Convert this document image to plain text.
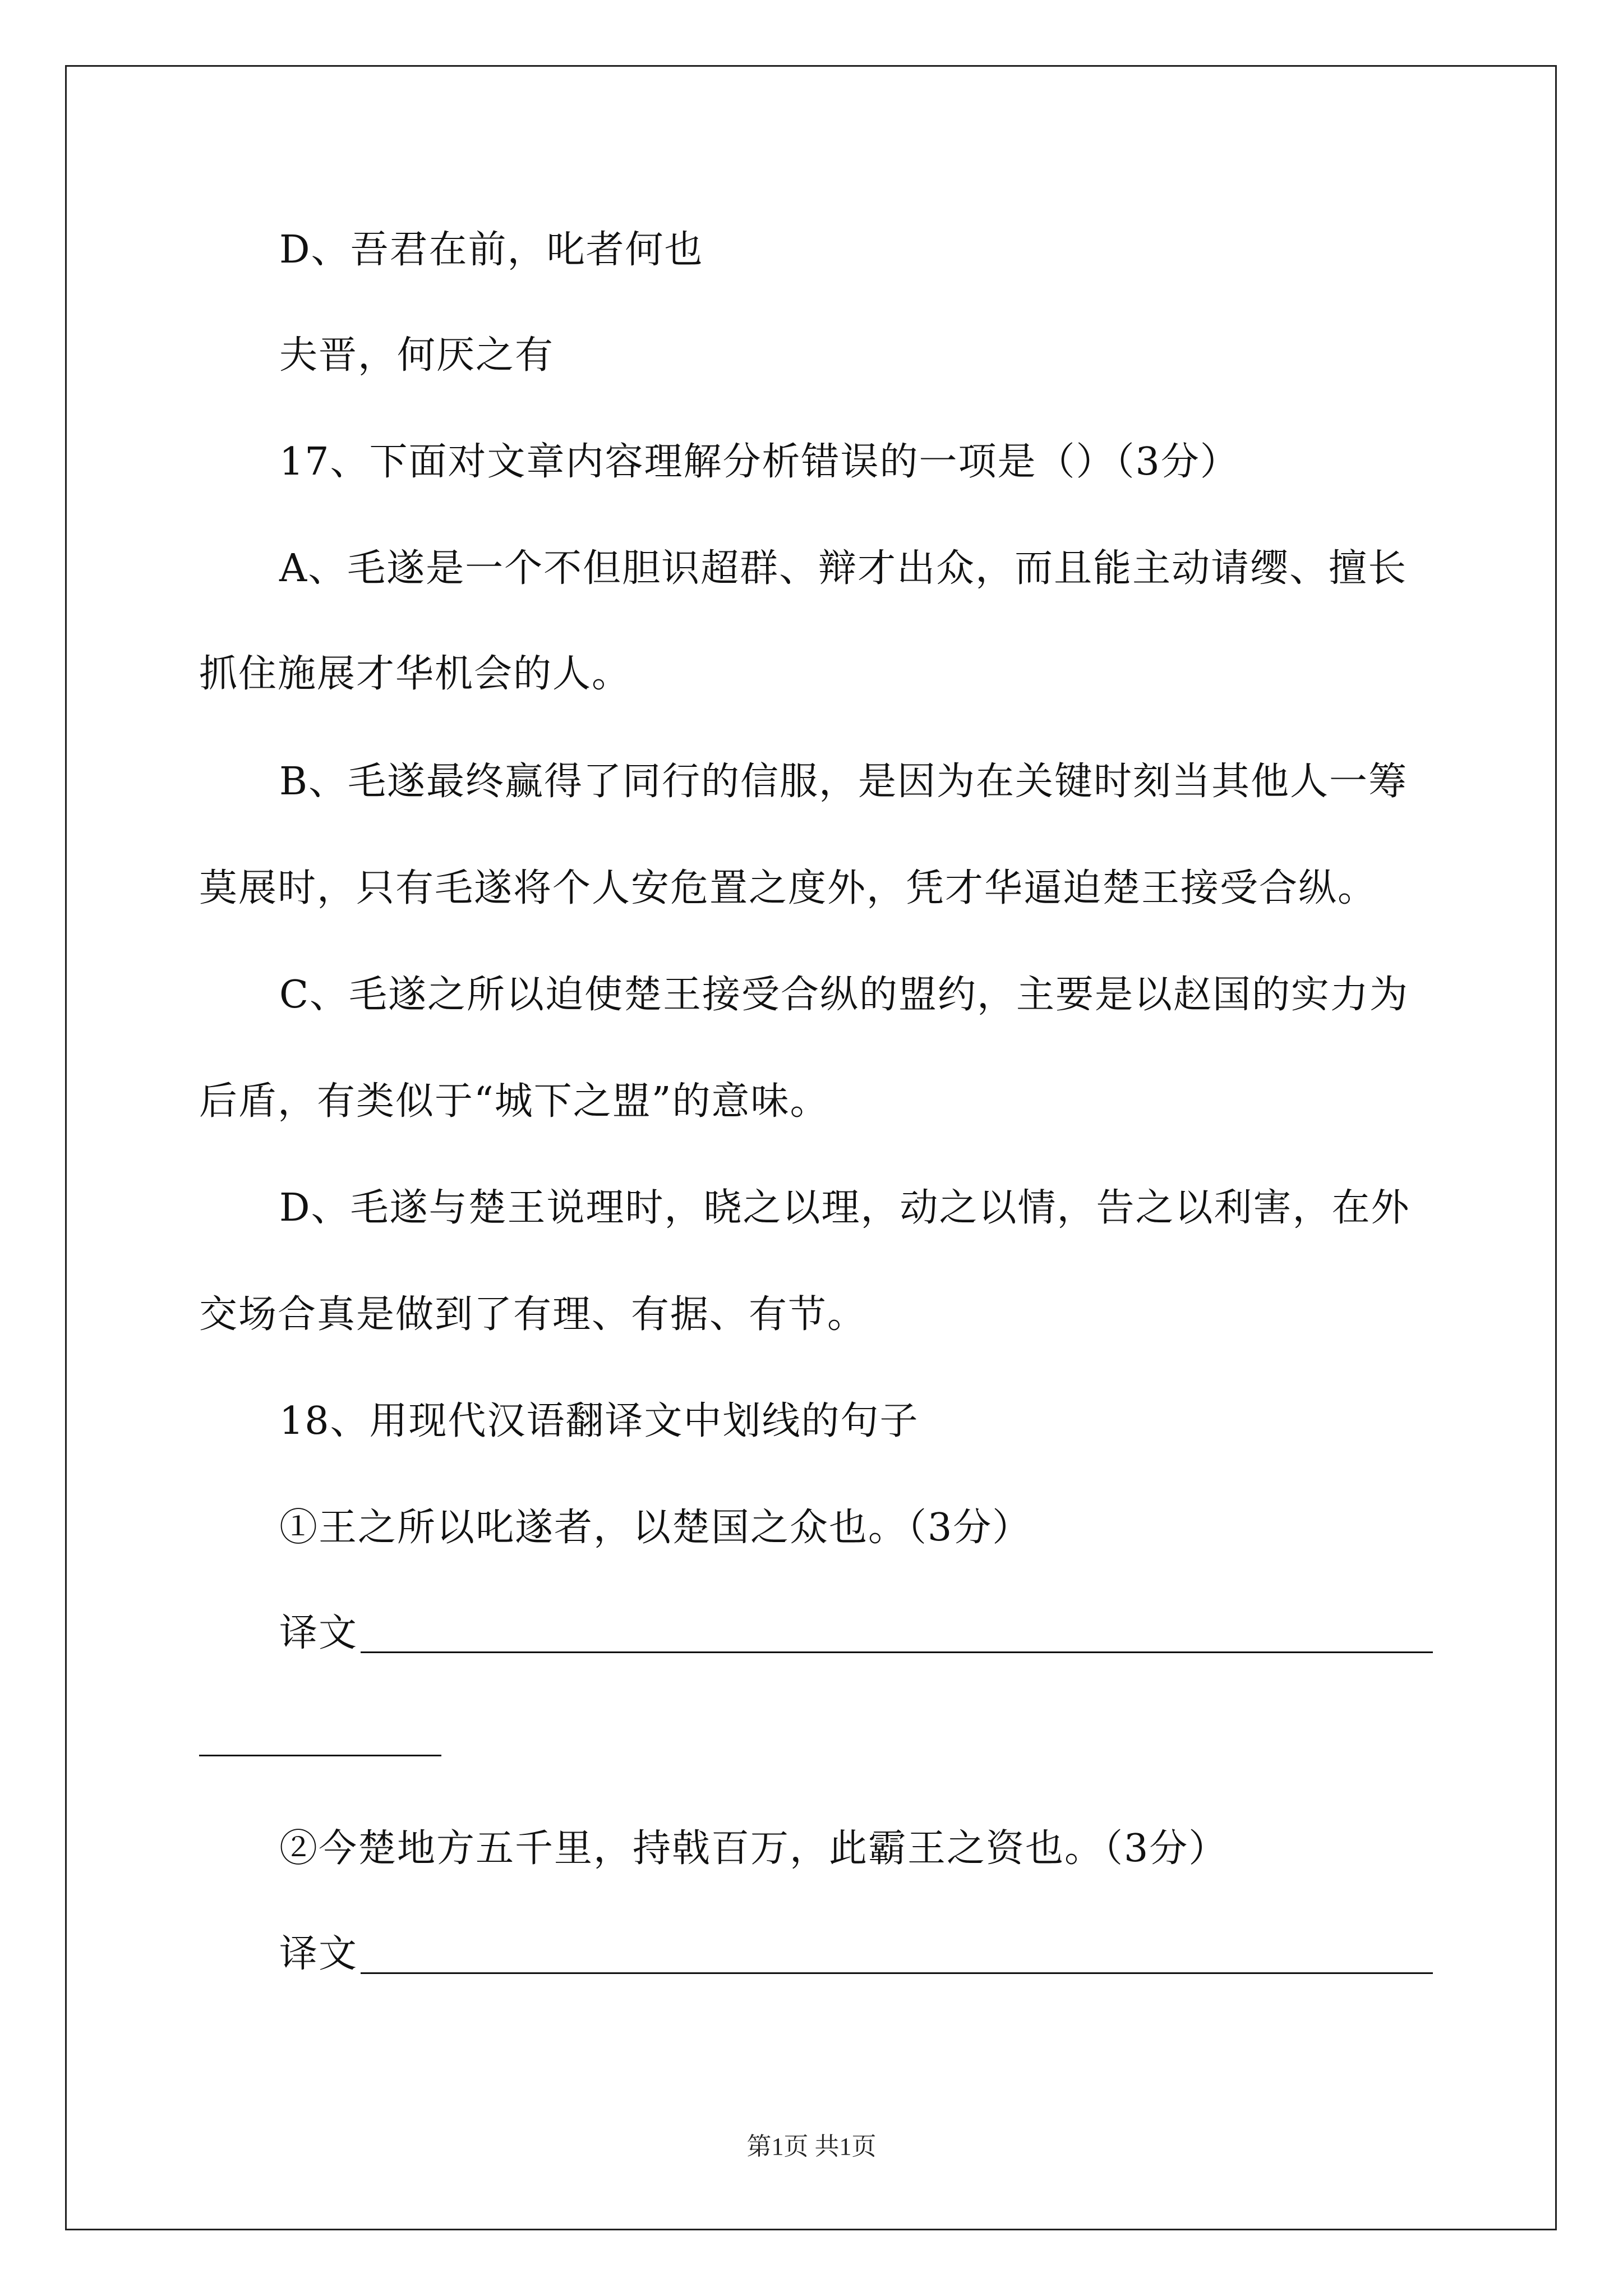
D、吾君在前，叱者何也
夫晋，何厌之有
17、下面对文章内容理解分析错误的一项是（）（3分）
A、毛遂是一个不但胆识超群、辩才出众，而且能主动请缨、擅长
抓住施展才华机会的人。
B、毛遂最终赢得了同行的信服，是因为在关键时刻当其他人一筹
莫展时，只有毛遂将个人安危置之度外，凭才华逼迫楚王接受合纵。
C、毛遂之所以迫使楚王接受合纵的盟约，主要是以赵国的实力为
后盾，有类似于“城下之盟”的意味。
D、毛遂与楚王说理时，晓之以理，动之以情，告之以利害，在外
交场合真是做到了有理、有据、有节。
18、用现代汉语翻译文中划线的句子
①王之所以叱遂者，以楚国之众也。（3分）
译文
②今楚地方五千里，持戟百万，此霸王之资也。（3分）
译文
第1页 共1页
